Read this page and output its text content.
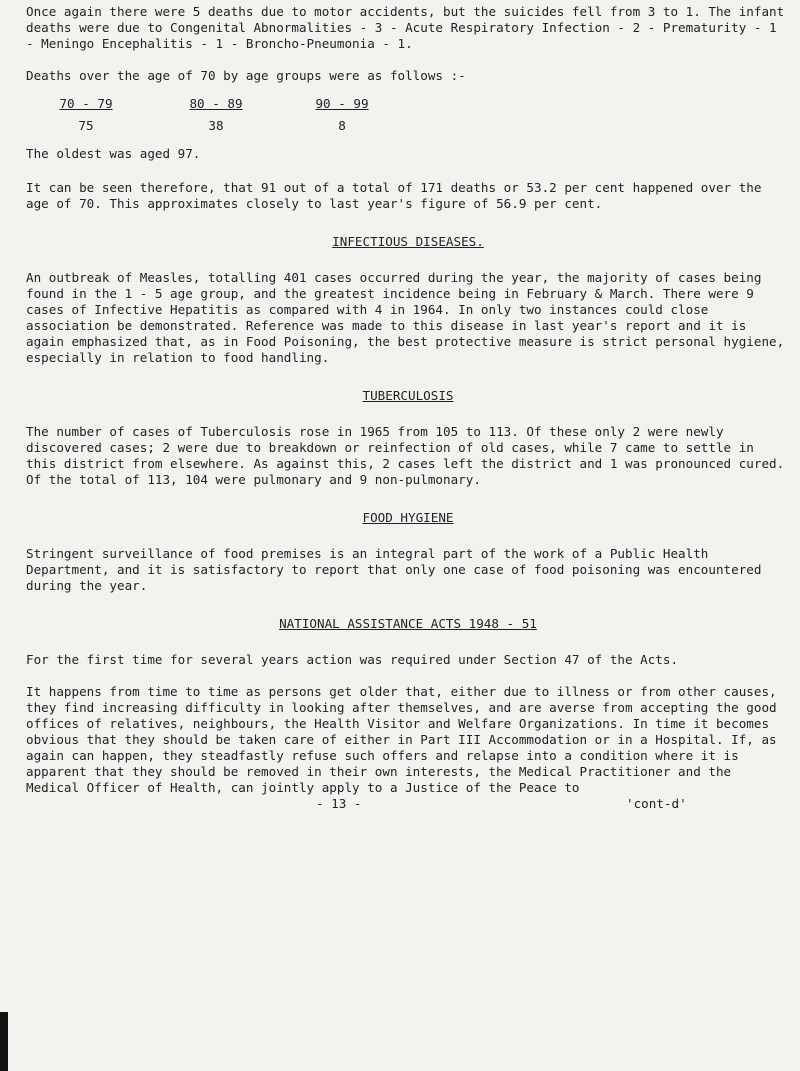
Once again there were 5 deaths due to motor accidents, but the suicides fell from 3 to 1. The infant deaths were due to Congenital Abnormalities - 3 - Acute Respiratory Infection - 2 - Prematurity - 1 - Meningo Encephalitis - 1 - Broncho-Pneumonia - 1.

Deaths over the age of 70 by age groups were as follows :-

70 - 79
75
80 - 89
38
90 - 99
8

The oldest was aged 97.

It can be seen therefore, that 91 out of a total of 171 deaths or 53.2 per cent happened over the age of 70. This approximates closely to last year's figure of 56.9 per cent.

INFECTIOUS DISEASES.

An outbreak of Measles, totalling 401 cases occurred during the year, the majority of cases being found in the 1 - 5 age group, and the greatest incidence being in February & March. There were 9 cases of Infective Hepatitis as compared with 4 in 1964. In only two instances could close association be demonstrated. Reference was made to this disease in last year's report and it is again emphasized that, as in Food Poisoning, the best protective measure is strict personal hygiene, especially in relation to food handling.

TUBERCULOSIS

The number of cases of Tuberculosis rose in 1965 from 105 to 113. Of these only 2 were newly discovered cases; 2 were due to breakdown or reinfection of old cases, while 7 came to settle in this district from elsewhere. As against this, 2 cases left the district and 1 was pronounced cured. Of the total of 113, 104 were pulmonary and 9 non-pulmonary.

FOOD HYGIENE

Stringent surveillance of food premises is an integral part of the work of a Public Health Department, and it is satisfactory to report that only one case of food poisoning was encountered during the year.

NATIONAL ASSISTANCE ACTS 1948 - 51

For the first time for several years action was required under Section 47 of the Acts.

It happens from time to time as persons get older that, either due to illness or from other causes, they find increasing difficulty in looking after themselves, and are averse from accepting the good offices of relatives, neighbours, the Health Visitor and Welfare Organizations. In time it becomes obvious that they should be taken care of either in Part III Accommodation or in a Hospital. If, as again can happen, they steadfastly refuse such offers and relapse into a condition where it is apparent that they should be removed in their own interests, the Medical Practitioner and the Medical Officer of Health, can jointly apply to a Justice of the Peace to

- 13 -	'cont-d'
